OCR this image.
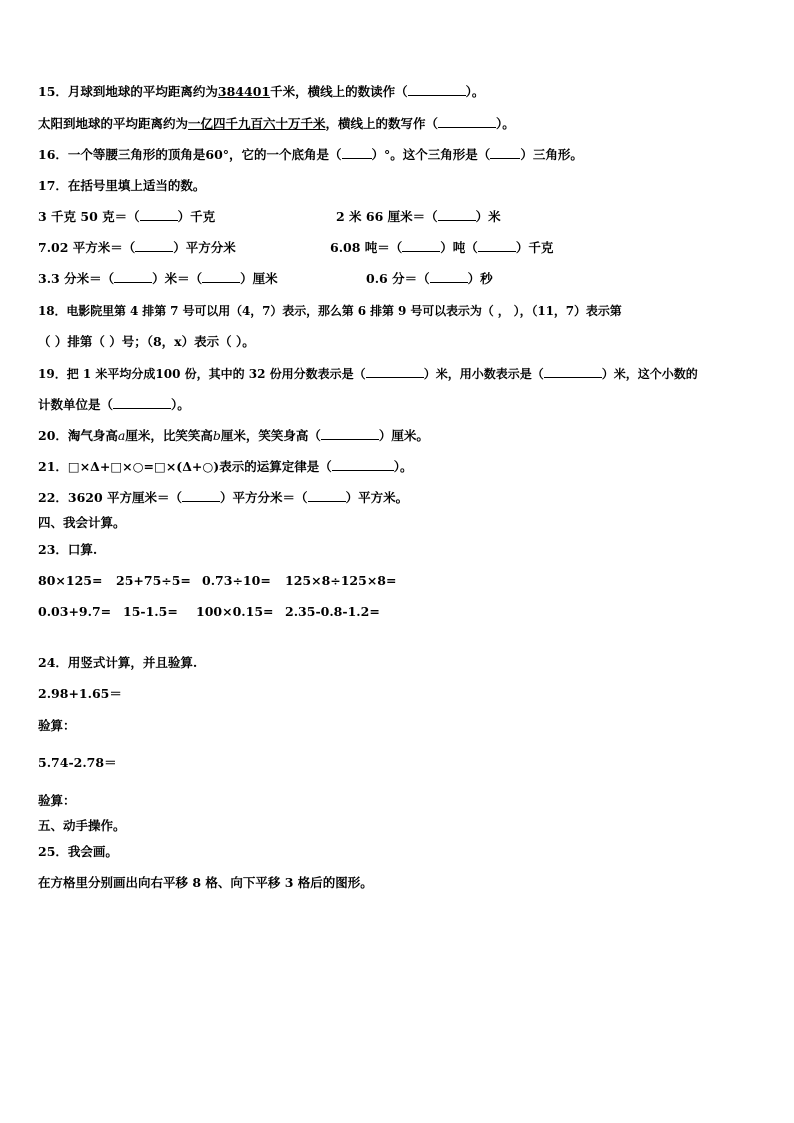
15．月球到地球的平均距离约为384401千米，横线上的数读作（	）。
太阳到地球的平均距离约为一亿四千九百六十万千米，横线上的数写作（	）。
16．一个等腰三角形的顶角是60°，它的一个底角是（ ）°。这个三角形是（ ）三角形。
17．在括号里填上适当的数。
3 千克 50 克＝（	）千克	2 米 66 厘米＝（	）米
7.02 平方米＝（	）平方分米	6.08 吨＝（	）吨（	）千克
3.3 分米＝（	）米＝（	）厘米	0.6 分＝（	）秒
18．电影院里第 4 排第 7 号可以用（4，7）表示，那么第 6 排第 9 号可以表示为（ ， ），（11，7）表示第
（ ）排第（ ）号；（8，x）表示（ ）。
19．把 1 米平均分成100 份，其中的 32 份用分数表示是（	）米，用小数表示是（	）米，这个小数的
计数单位是（	）。
20．淘气身高a厘米，比笑笑高b厘米，笑笑身高（	）厘米。
21．□×Δ+□×○=□×(Δ+○)表示的运算定律是（	）。
22．3620 平方厘米＝（	）平方分米＝（	）平方米。
四、我会计算。
23．口算.
80×125= 25+75÷5= 0.73÷10= 125×8÷125×8=
0.03+9.7= 15-1.5= 100×0.15= 2.35-0.8-1.2=
24．用竖式计算，并且验算.
2.98+1.65＝
验算：
5.74-2.78＝
验算：
五、动手操作。
25．我会画。
在方格里分别画出向右平移 8 格、向下平移 3 格后的图形。
